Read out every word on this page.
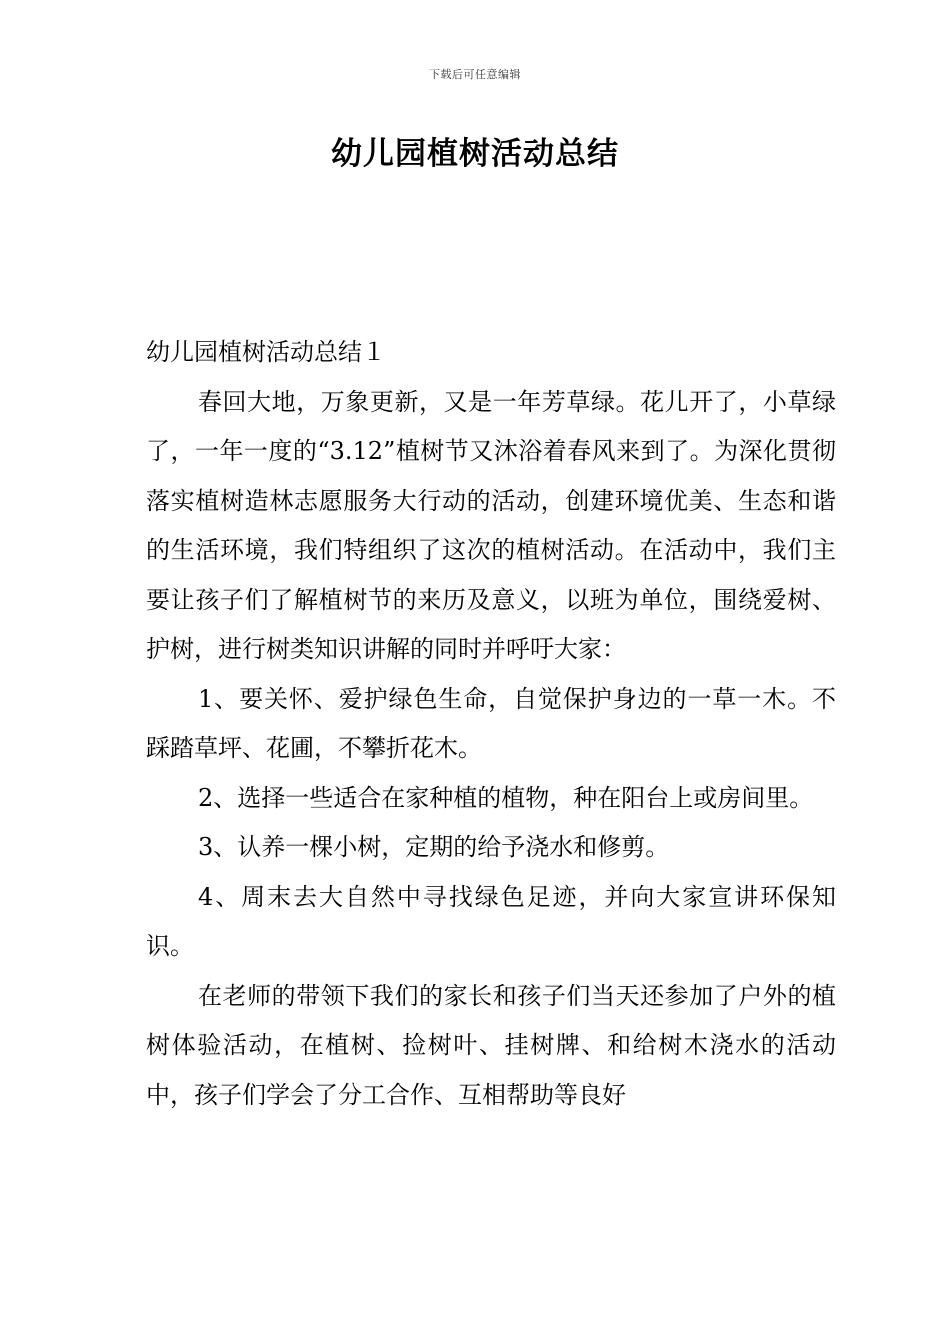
下载后可任意编辑
幼儿园植树活动总结
幼儿园植树活动总结１

春回大地，万象更新，又是一年芳草绿。花儿开了，小草绿了，一年一度的“3.12”植树节又沐浴着春风来到了。为深化贯彻落实植树造林志愿服务大行动的活动，创建环境优美、生态和谐的生活环境，我们特组织了这次的植树活动。在活动中，我们主要让孩子们了解植树节的来历及意义，以班为单位，围绕爱树、护树，进行树类知识讲解的同时并呼吁大家：

1、要关怀、爱护绿色生命，自觉保护身边的一草一木。不踩踏草坪、花圃，不攀折花木。

2、选择一些适合在家种植的植物，种在阳台上或房间里。

3、认养一棵小树，定期的给予浇水和修剪。

4、周末去大自然中寻找绿色足迹，并向大家宣讲环保知识。

在老师的带领下我们的家长和孩子们当天还参加了户外的植树体验活动，在植树、捡树叶、挂树牌、和给树木浇水的活动中，孩子们学会了分工合作、互相帮助等良好
